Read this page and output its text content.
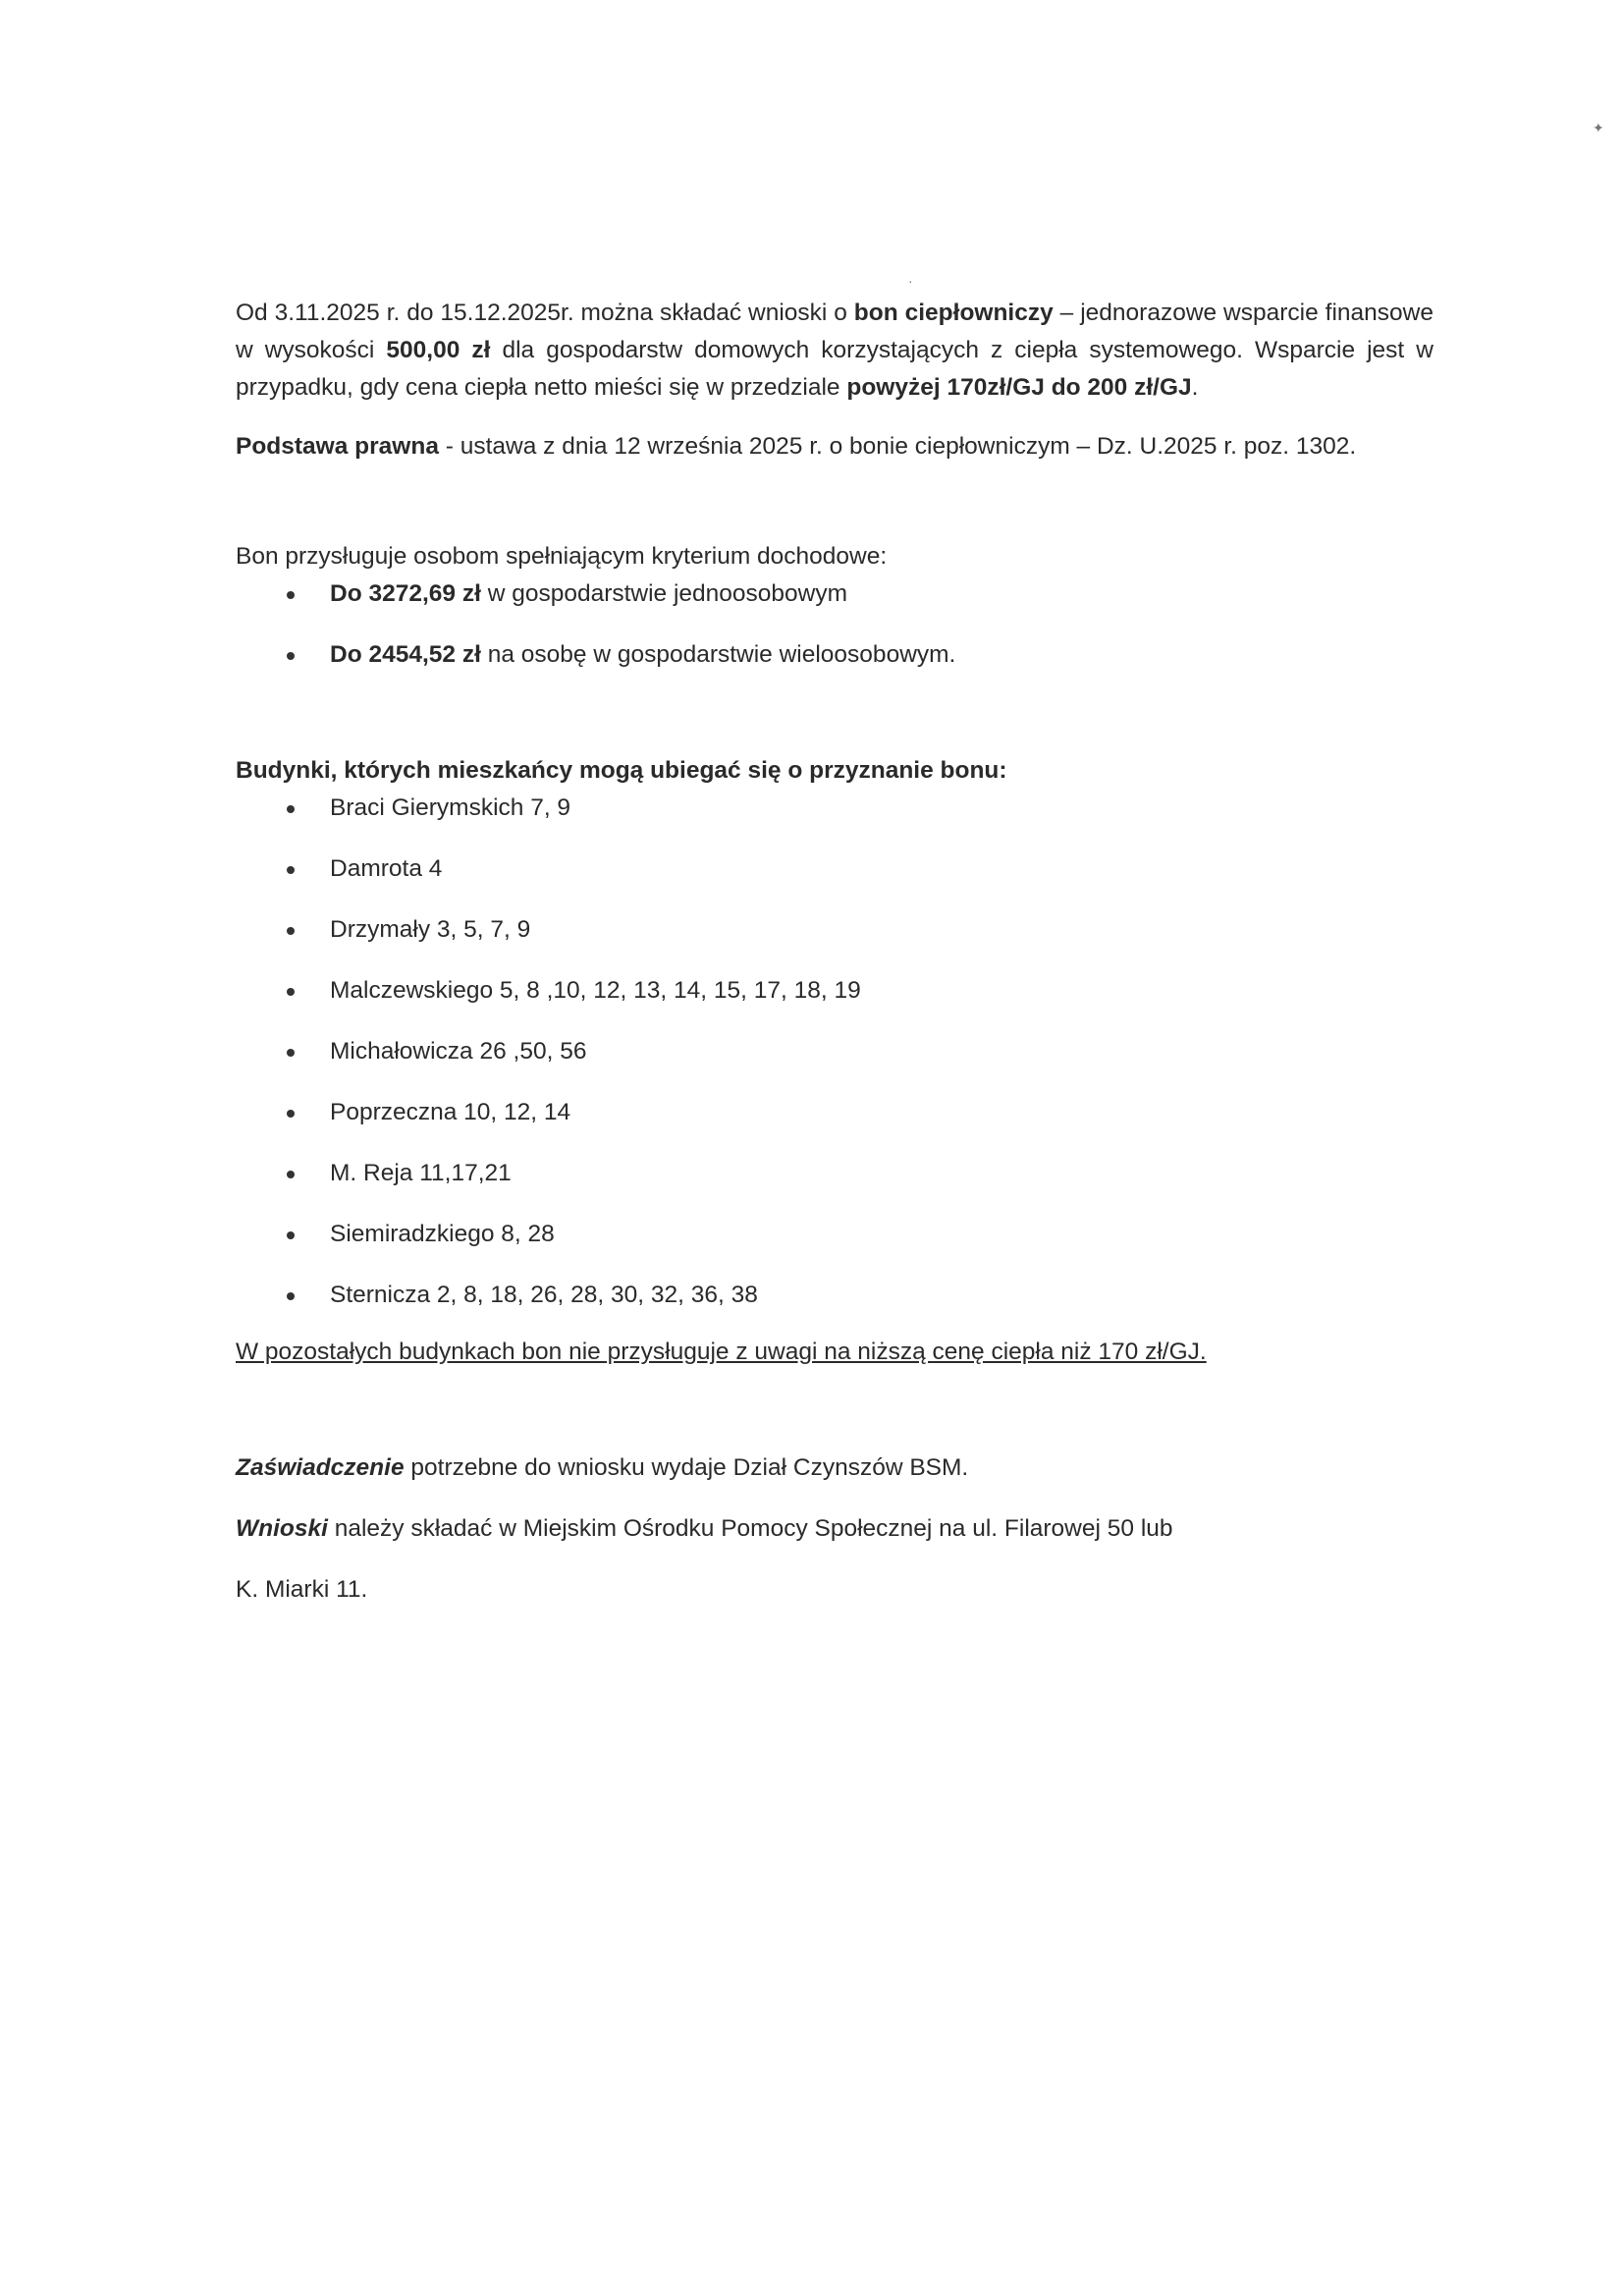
✦
·

Od 3.11.2025 r. do 15.12.2025r. można składać wnioski o bon ciepłowniczy – jednorazowe wsparcie finansowe w wysokości 500,00 zł dla gospodarstw domowych korzystających z ciepła systemowego. Wsparcie jest w przypadku, gdy cena ciepła netto mieści się w przedziale powyżej 170zł/GJ do 200 zł/GJ.

Podstawa prawna - ustawa z dnia 12 września 2025 r. o bonie ciepłowniczym – Dz. U.2025 r. poz. 1302.

Bon przysługuje osobom spełniającym kryterium dochodowe:

Do 3272,69 zł w gospodarstwie jednoosobowym
Do 2454,52 zł na osobę w gospodarstwie wieloosobowym.

Budynki, których mieszkańcy mogą ubiegać się o przyznanie bonu:

Braci Gierymskich 7, 9
Damrota 4
Drzymały 3, 5, 7, 9
Malczewskiego 5, 8 ,10, 12, 13, 14, 15, 17, 18, 19
Michałowicza 26 ,50, 56
Poprzeczna 10, 12, 14
M. Reja 11,17,21
Siemiradzkiego 8, 28
Sternicza 2, 8, 18, 26, 28, 30, 32, 36, 38

W pozostałych budynkach bon nie przysługuje z uwagi na niższą cenę ciepła niż 170 zł/GJ.

Zaświadczenie potrzebne do wniosku wydaje Dział Czynszów BSM.

Wnioski należy składać w Miejskim Ośrodku Pomocy Społecznej na ul. Filarowej 50 lub

K. Miarki 11.
